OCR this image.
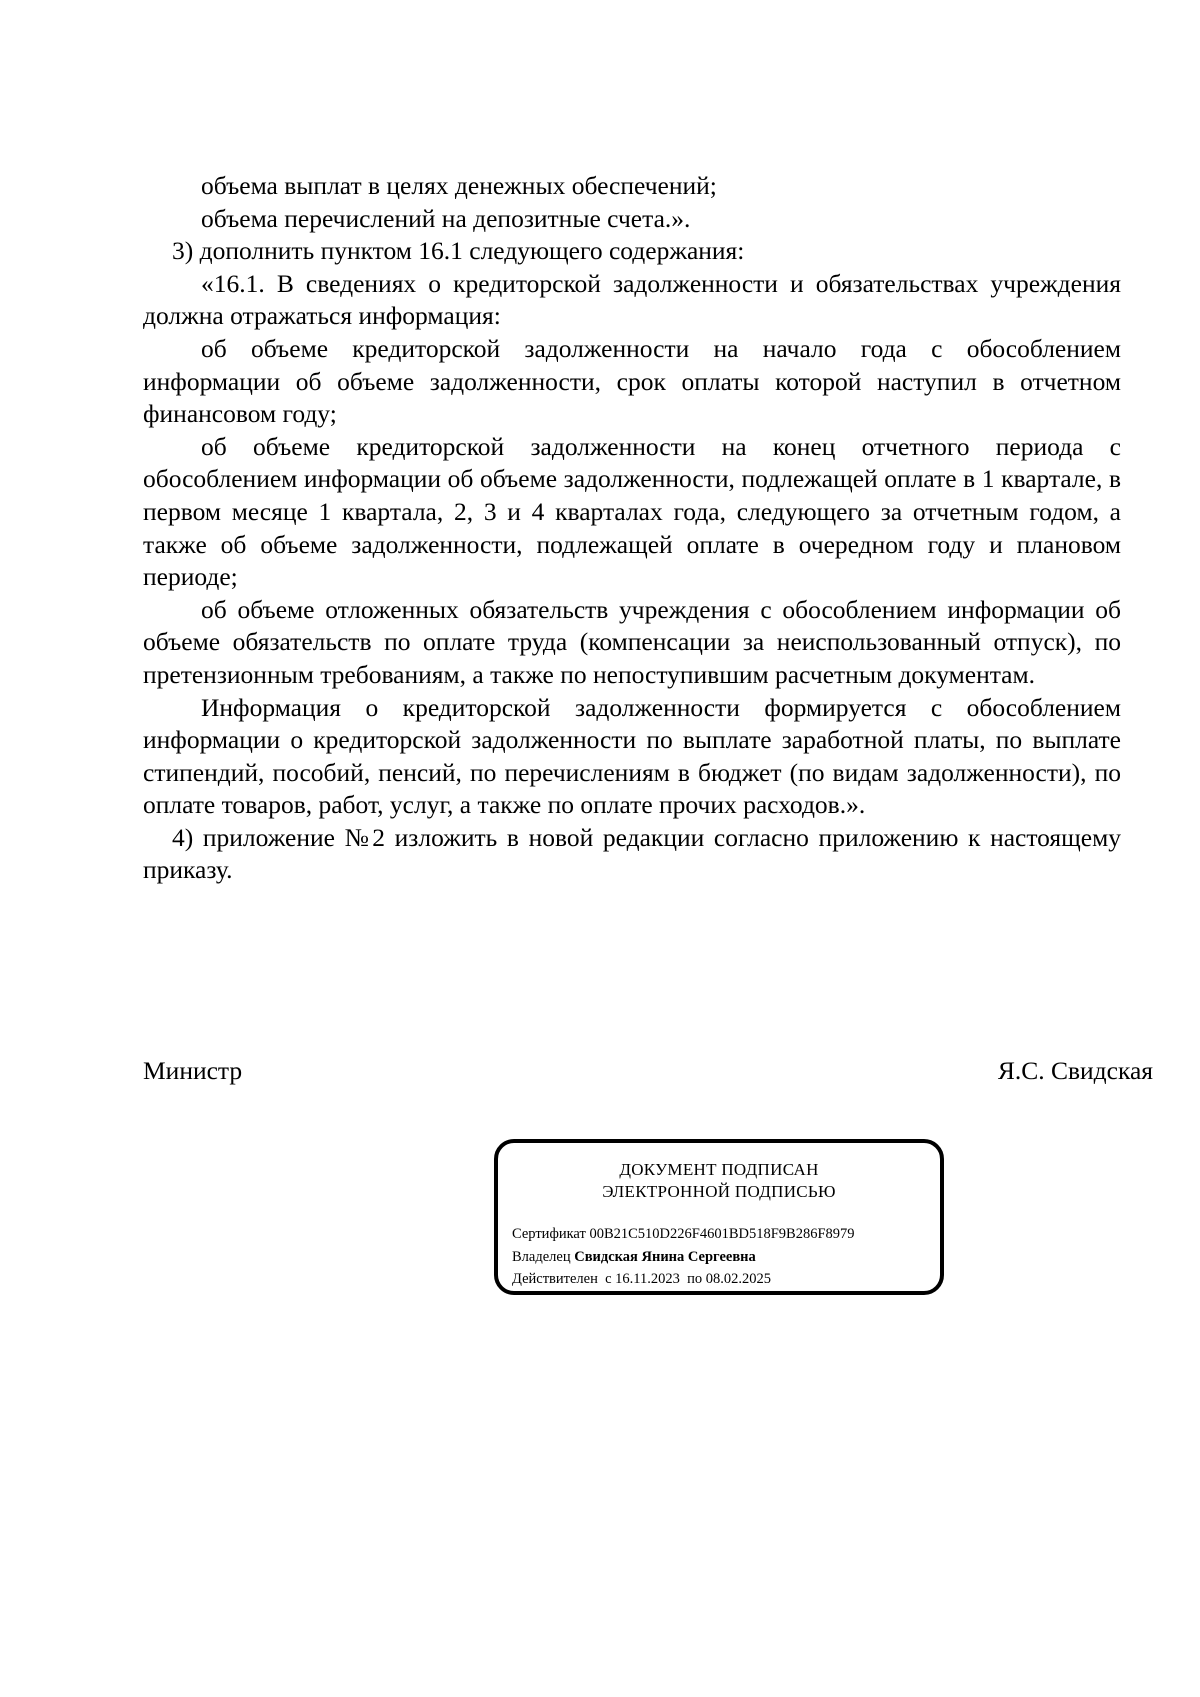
объема выплат в целях денежных обеспечений;

объема перечислений на депозитные счета.».

3) дополнить пунктом 16.1 следующего содержания:

«16.1. В сведениях о кредиторской задолженности и обязательствах учреждения должна отражаться информация:

об объеме кредиторской задолженности на начало года с обособлением информации об объеме задолженности, срок оплаты которой наступил в отчетном финансовом году;

об объеме кредиторской задолженности на конец отчетного периода с обособлением информации об объеме задолженности, подлежащей оплате в 1 квартале, в первом месяце 1 квартала, 2, 3 и 4 кварталах года, следующего за отчетным годом, а также об объеме задолженности, подлежащей оплате в очередном году и плановом периоде;

об объеме отложенных обязательств учреждения с обособлением информации об объеме обязательств по оплате труда (компенсации за неиспользованный отпуск), по претензионным требованиям, а также по непоступившим расчетным документам.

Информация о кредиторской задолженности формируется с обособлением информации о кредиторской задолженности по выплате заработной платы, по выплате стипендий, пособий, пенсий, по перечислениям в бюджет (по видам задолженности), по оплате товаров, работ, услуг, а также по оплате прочих расходов.».

4) приложение №2 изложить в новой редакции согласно приложению к настоящему приказу.

Министр	Я.С. Свидская
ДОКУМЕНТ ПОДПИСАН
ЭЛЕКТРОННОЙ ПОДПИСЬЮ
Сертификат 00B21C510D226F4601BD518F9B286F8979
Владелец Свидская Янина Сергеевна
Действителен с 16.11.2023 по 08.02.2025
